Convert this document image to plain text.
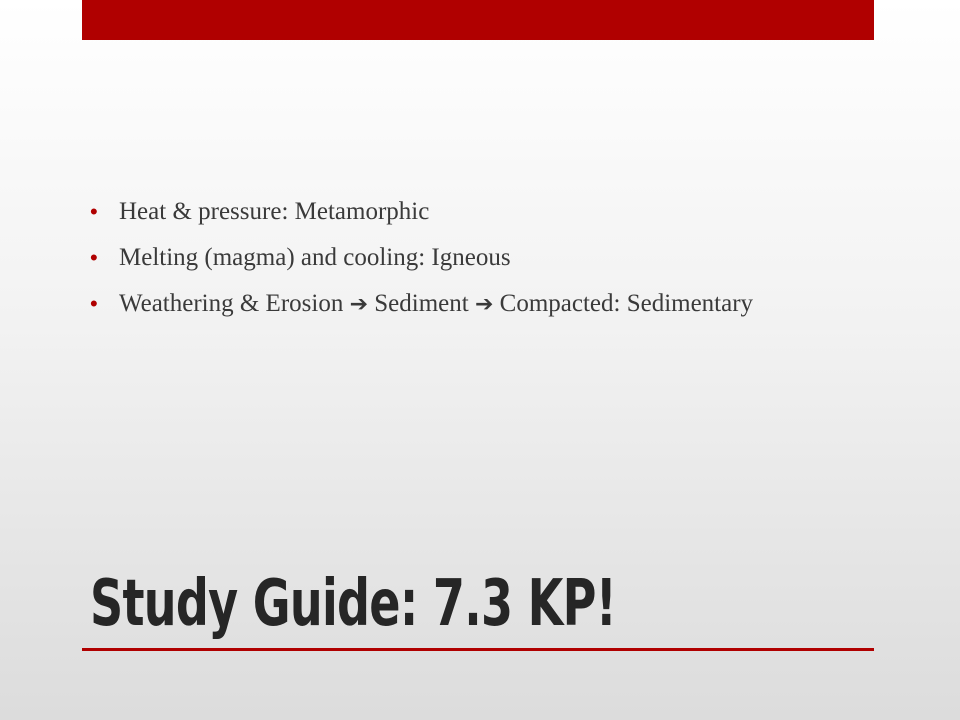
• Heat & pressure: Metamorphic
• Melting (magma) and cooling: Igneous
• Weathering & Erosion ➔ Sediment ➔ Compacted: Sedimentary
Study Guide: 7.3 KP!
